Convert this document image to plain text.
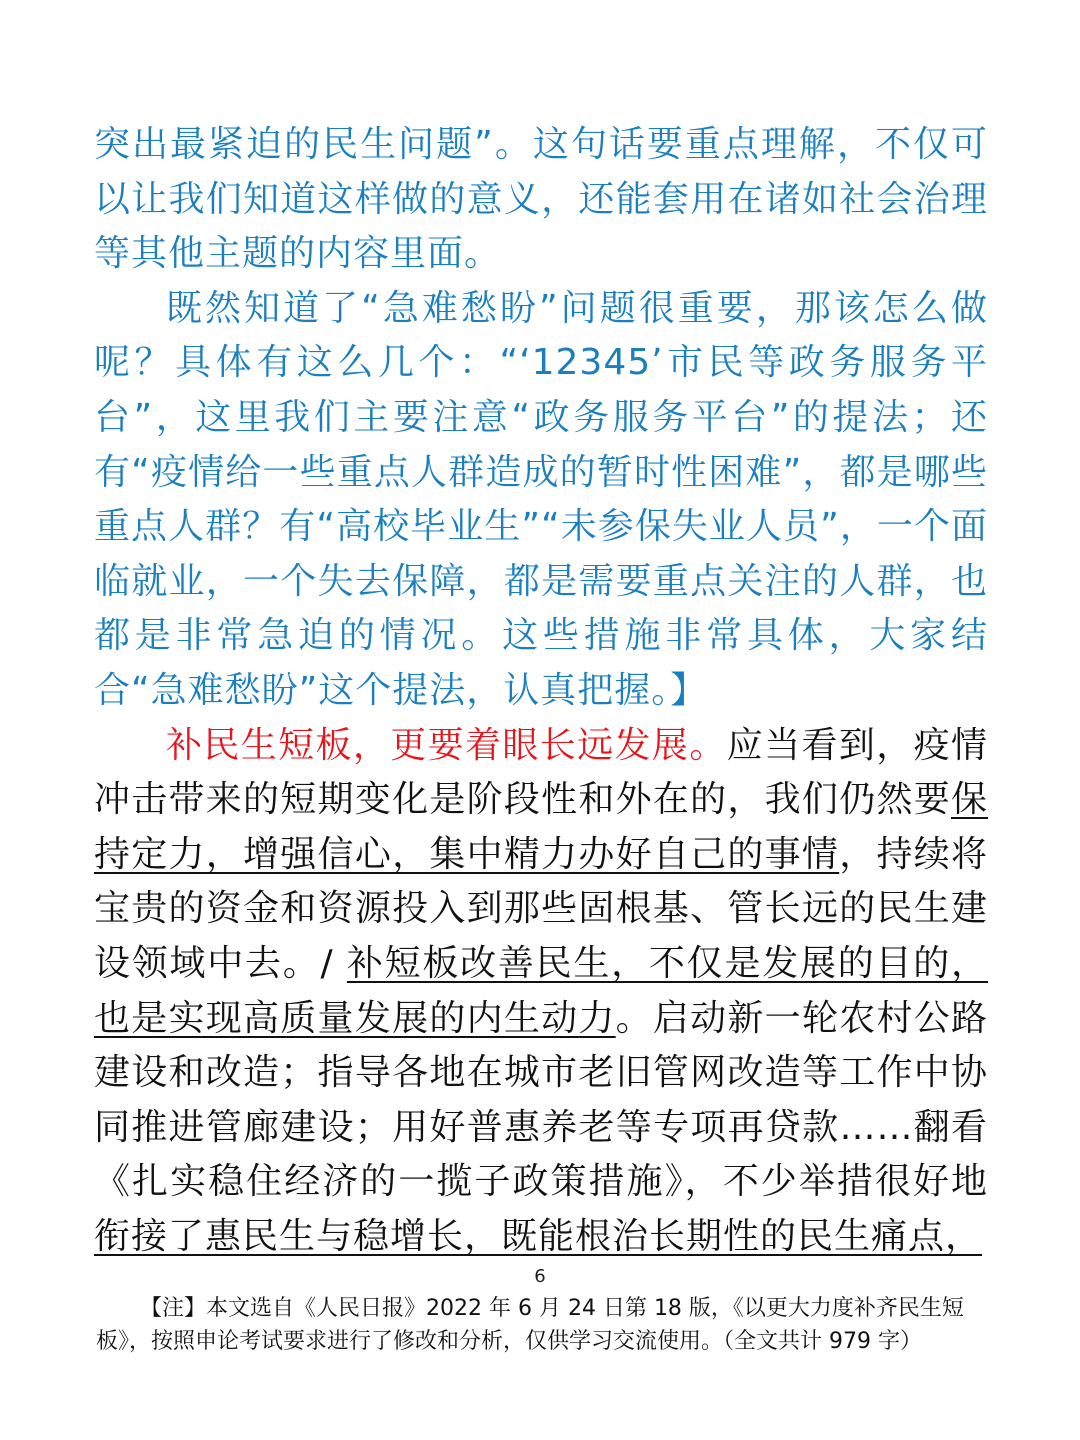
突出最紧迫的民生问题”。这句话要重点理解，不仅可以让我们知道这样做的意义，还能套用在诸如社会治理等其他主题的内容里面。

既然知道了“急难愁盼”问题很重要，那该怎么做呢？具体有这么几个：“‘12345’市民等政务服务平台”，这里我们主要注意“政务服务平台”的提法；还有“疫情给一些重点人群造成的暂时性困难”，都是哪些重点人群？有“高校毕业生”“未参保失业人员”，一个面临就业，一个失去保障，都是需要重点关注的人群，也都是非常急迫的情况。这些措施非常具体，大家结合“急难愁盼”这个提法，认真把握。】

补民生短板，更要着眼长远发展。应当看到，疫情冲击带来的短期变化是阶段性和外在的，我们仍然要保持定力，增强信心，集中精力办好自己的事情，持续将宝贵的资金和资源投入到那些固根基、管长远的民生建设领域中去。/ 补短板改善民生，不仅是发展的目的，也是实现高质量发展的内生动力。启动新一轮农村公路建设和改造；指导各地在城市老旧管网改造等工作中协同推进管廊建设；用好普惠养老等专项再贷款……翻看《扎实稳住经济的一揽子政策措施》，不少举措很好地衔接了惠民生与稳增长，既能根治长期性的民生痛点，

6
【注】本文选自《人民日报》2022 年 6 月 24 日第 18 版，《以更大力度补齐民生短板》，按照申论考试要求进行了修改和分析，仅供学习交流使用。（全文共计 979 字）
